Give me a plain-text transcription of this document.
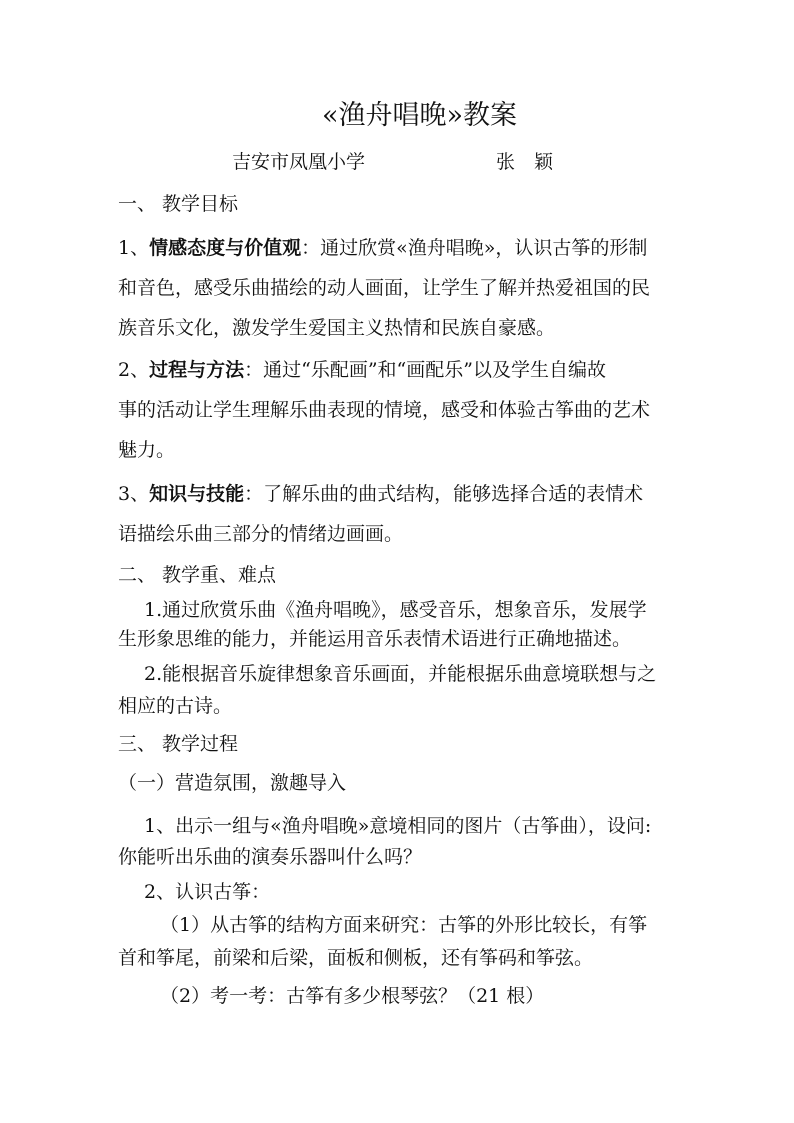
«渔舟唱晚»教案
吉安市凤凰小学	张　颖
一、 教学目标
1、情感态度与价值观：通过欣赏«渔舟唱晚»，认识古筝的形制
和音色，感受乐曲描绘的动人画面，让学生了解并热爱祖国的民
族音乐文化，激发学生爱国主义热情和民族自豪感。
2、过程与方法：通过“乐配画”和“画配乐”以及学生自编故
事的活动让学生理解乐曲表现的情境，感受和体验古筝曲的艺术
魅力。
3、知识与技能：了解乐曲的曲式结构，能够选择合适的表情术
语描绘乐曲三部分的情绪边画画。
二、 教学重、难点
1.通过欣赏乐曲《渔舟唱晚》，感受音乐，想象音乐，发展学
生形象思维的能力，并能运用音乐表情术语进行正确地描述。
2.能根据音乐旋律想象音乐画面，并能根据乐曲意境联想与之
相应的古诗。
三、 教学过程
（一）营造氛围，激趣导入
1、出示一组与«渔舟唱晚»意境相同的图片（古筝曲），设问:
你能听出乐曲的演奏乐器叫什么吗？
2、认识古筝：
（1）从古筝的结构方面来研究：古筝的外形比较长，有筝
首和筝尾，前梁和后梁，面板和侧板，还有筝码和筝弦。
（2）考一考：古筝有多少根琴弦？（21 根）
